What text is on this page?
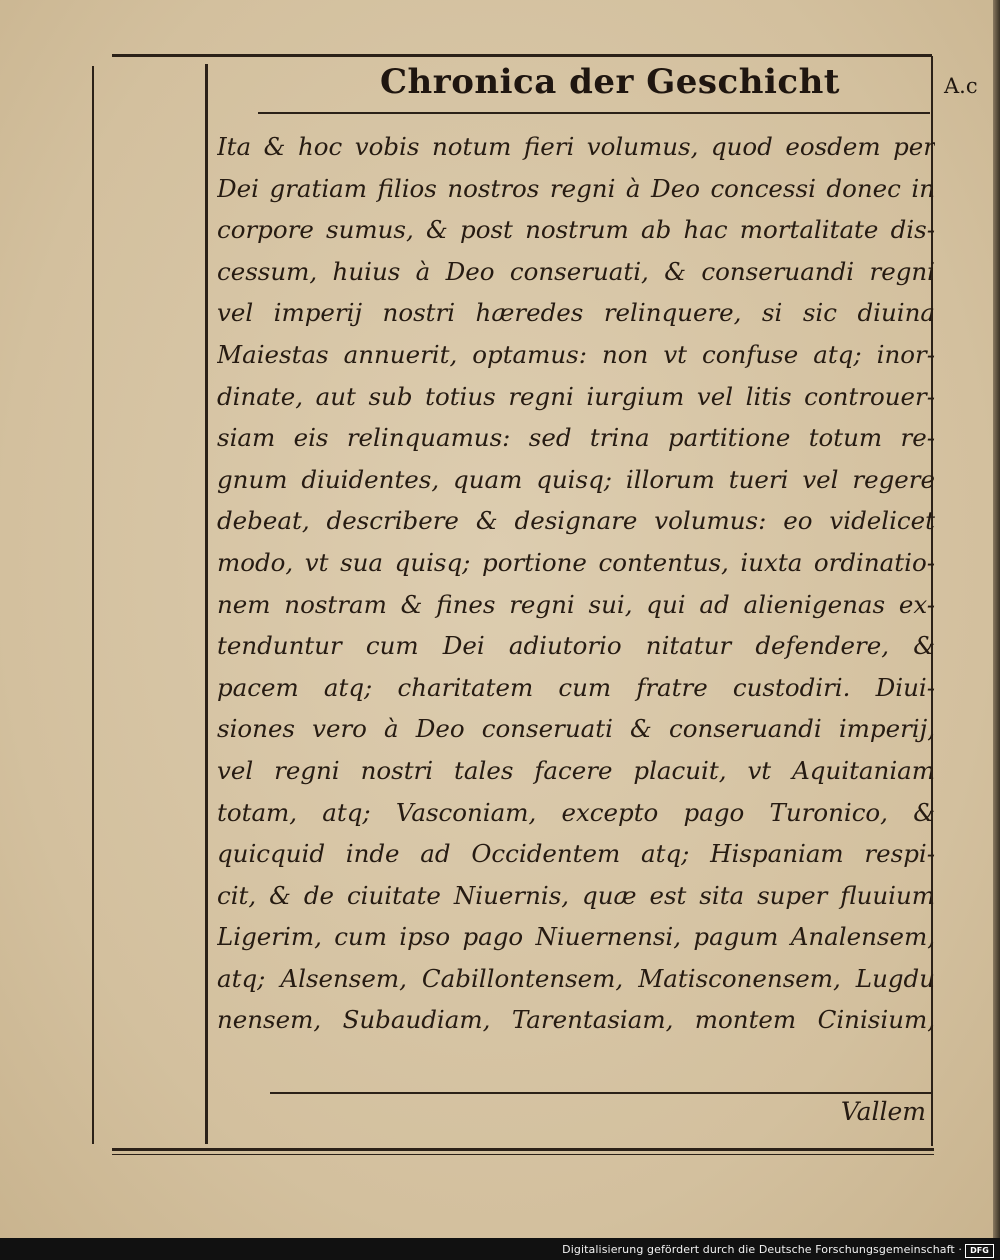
Chronica der Geschicht	A.c
Ita & hoc vobis notum fieri volumus, quod eosdem per
Dei gratiam filios nostros regni à Deo concessi donec in
corpore sumus, & post nostrum ab hac mortalitate dis-
cessum, huius à Deo conseruati, & conseruandi regni
vel imperij nostri hæredes relinquere, si sic diuina
Maiestas annuerit, optamus: non vt confuse atq; inor-
dinate, aut sub totius regni iurgium vel litis controuer-
siam eis relinquamus: sed trina partitione totum re-
gnum diuidentes, quam quisq; illorum tueri vel regere
debeat, describere & designare volumus: eo videlicet
modo, vt sua quisq; portione contentus, iuxta ordinatio-
nem nostram & fines regni sui, qui ad alienigenas ex-
tenduntur cum Dei adiutorio nitatur defendere, &
pacem atq; charitatem cum fratre custodiri. Diui-
siones vero à Deo conseruati & conseruandi imperij,
vel regni nostri tales facere placuit, vt Aquitaniam
totam, atq; Vasconiam, excepto pago Turonico, &
quicquid inde ad Occidentem atq; Hispaniam respi-
cit, & de ciuitate Niuernis, quæ est sita super fluuium
Ligerim, cum ipso pago Niuernensi, pagum Analensem,
atq; Alsensem, Cabillontensem, Matisconensem, Lugdu
nensem, Subaudiam, Tarentasiam, montem Cinisium,
Vallem
Digitalisierung gefördert durch die Deutsche Forschungsgemeinschaft ·	DFG
